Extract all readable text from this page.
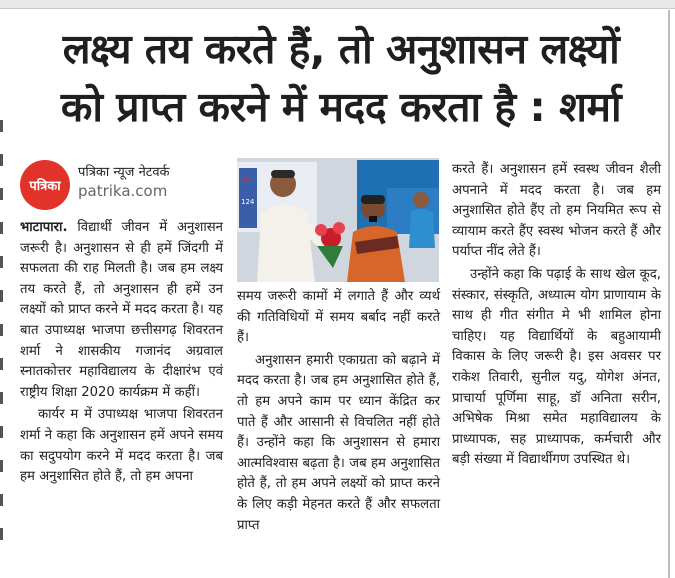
लक्ष्य तय करते हैं, तो अनुशासन लक्ष्यों
को प्राप्त करने में मदद करता है : शर्मा
पत्रिका
पत्रिका न्यूज नेटवर्क
patrika.com
202
124

भाटापारा. विद्यार्थी जीवन में अनुशासन जरूरी है। अनुशासन से ही हमें जिंदगी में सफलता की राह मिलती है। जब हम लक्ष्य तय करते हैं, तो अनुशासन ही हमें उन लक्ष्यों को प्राप्त करने में मदद करता है। यह बात उपाध्यक्ष भाजपा छत्तीसगढ़ शिवरतन शर्मा ने शासकीय गजानंद अग्रवाल स्नातकोत्तर महाविद्यालय के दीक्षारंभ एवं राष्ट्रीय शिक्षा 2020 कार्यक्रम में कहीं।

कार्यर म में उपाध्यक्ष भाजपा शिवरतन शर्मा ने कहा कि अनुशासन हमें अपने समय का सदुपयोग करने में मदद करता है। जब हम अनुशासित होते हैं, तो हम अपना

समय जरूरी कामों में लगाते हैं और व्यर्थ की गतिविधियों में समय बर्बाद नहीं करते हैं।

अनुशासन हमारी एकाग्रता को बढ़ाने में मदद करता है। जब हम अनुशासित होते हैं, तो हम अपने काम पर ध्यान केंद्रित कर पाते हैं और आसानी से विचलित नहीं होते हैं। उन्होंने कहा कि अनुशासन से हमारा आत्मविश्वास बढ़ता है। जब हम अनुशासित होते हैं, तो हम अपने लक्ष्यों को प्राप्त करने के लिए कड़ी मेहनत करते हैं और सफलता प्राप्त

करते हैं। अनुशासन हमें स्वस्थ जीवन शैली अपनाने में मदद करता है। जब हम अनुशासित होते हैंए तो हम नियमित रूप से व्यायाम करते हैंए स्वस्थ भोजन करते हैं और पर्याप्त नींद लेते हैं।

उन्होंने कहा कि पढ़ाई के साथ खेल कूद, संस्कार, संस्कृति, अध्यात्म योग प्राणायाम के साथ ही गीत संगीत मे भी शामिल होना चाहिए। यह विद्यार्थियों के बहुआयामी विकास के लिए जरूरी है। इस अवसर पर राकेश तिवारी, सुनील यदु, योगेश अंनत, प्राचार्या पूर्णिमा साहू, डॉ अनिता सरीन, अभिषेक मिश्रा समेत महाविद्यालय के प्राध्यापक, सह प्राध्यापक, कर्मचारी और बड़ी संख्या में विद्यार्थीगण उपस्थित थे।
